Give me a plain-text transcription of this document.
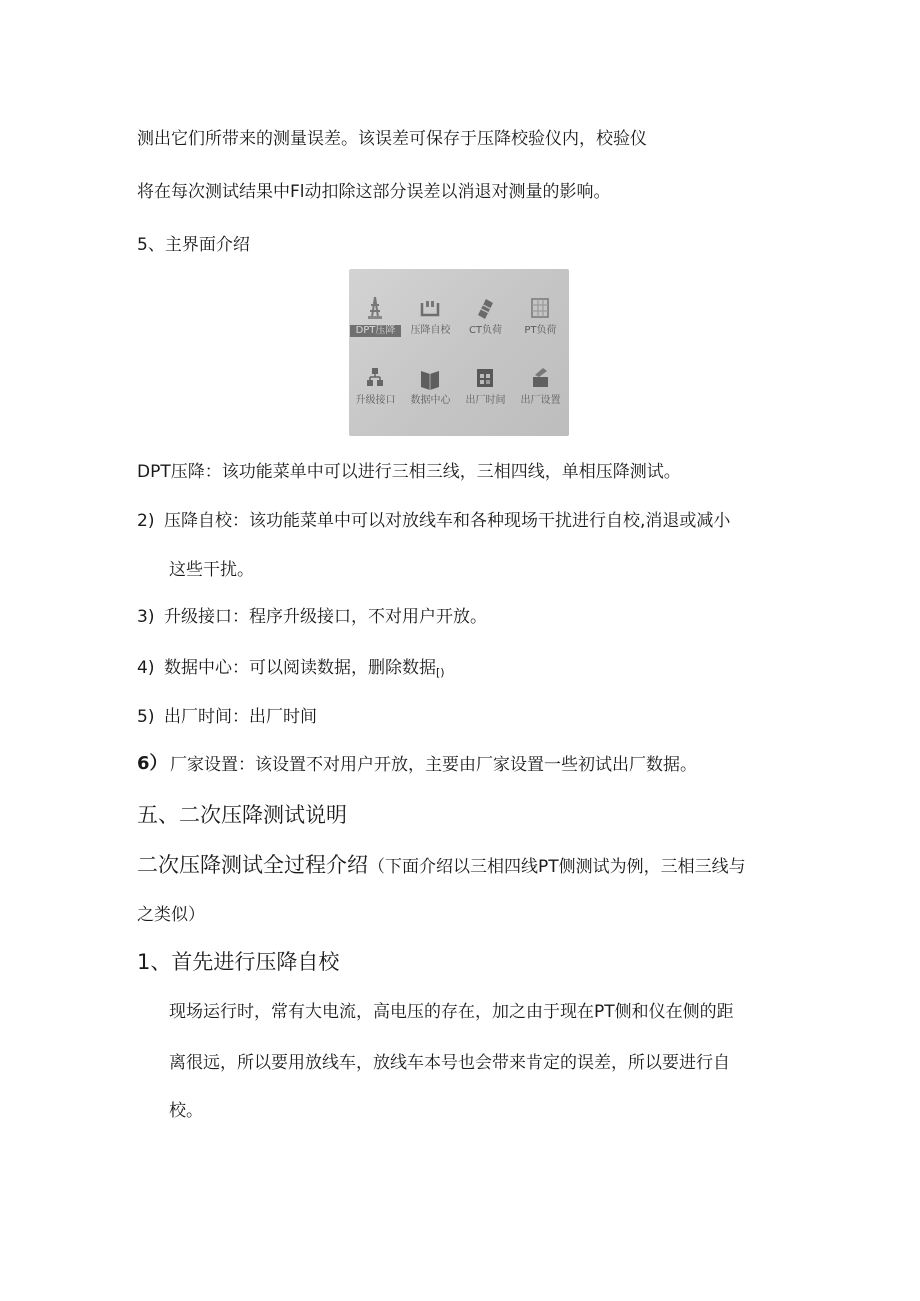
测出它们所带来的测量误差。该误差可保存于压降校验仪内，校验仪
将在每次测试结果中Fl动扣除这部分误差以消退对测量的影响。
5、主界面介绍
DPT压降	压降自校	CT负荷	PT负荷
升级接口	数据中心	出厂时间	出厂设置
DPT压降：该功能菜单中可以进行三相三线，三相四线，单相压降测试。
2) 压降自校：该功能菜单中可以对放线车和各种现场干扰进行自校,消退或减小
这些干扰。
3) 升级接口：程序升级接口，不对用户开放。
4) 数据中心：可以阅读数据，删除数据$_{[)}$
5) 出厂时间：出厂时间
6） 厂家设置：该设置不对用户开放，主要由厂家设置一些初试出厂数据。
五、二次压降测试说明
二次压降测试全过程介绍（下面介绍以三相四线PT侧测试为例，三相三线与
之类似）
1、首先进行压降自校
现场运行时，常有大电流，高电压的存在，加之由于现在PT侧和仪在侧的距
离很远，所以要用放线车，放线车本号也会带来肯定的误差，所以要进行自
校。
